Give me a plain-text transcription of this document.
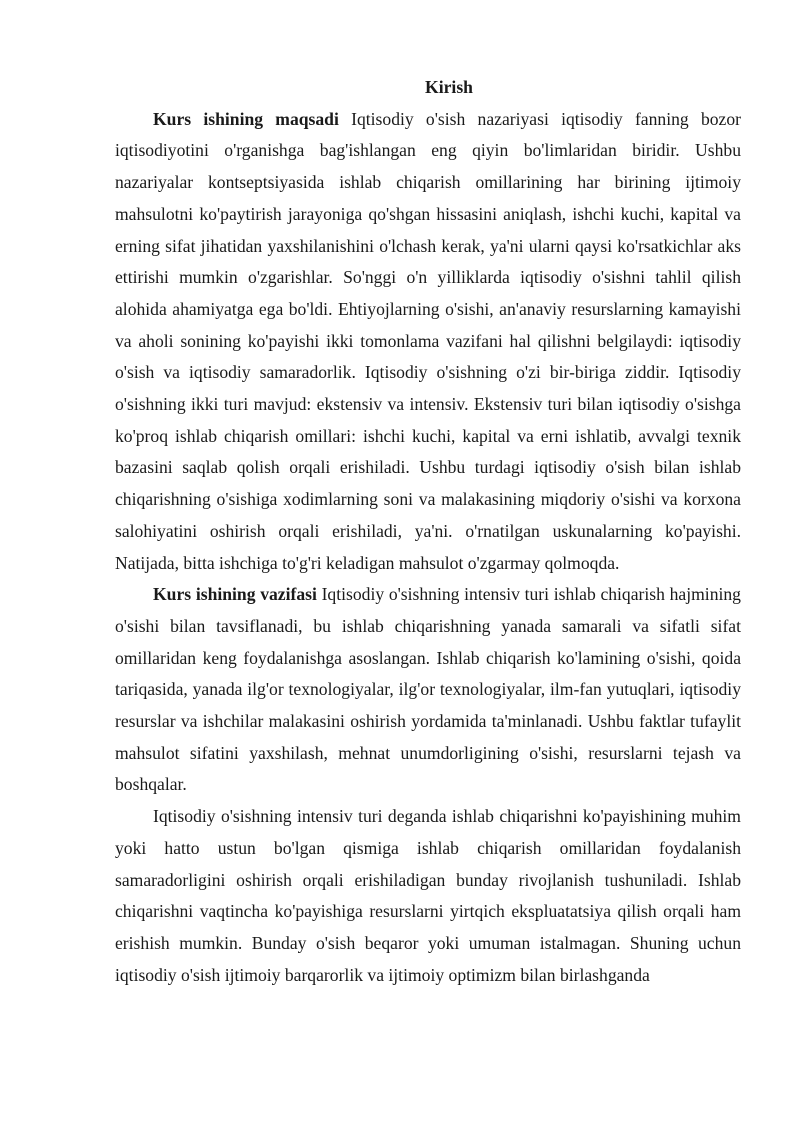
Kirish

Kurs ishining maqsadi Iqtisodiy o'sish nazariyasi iqtisodiy fanning bozor iqtisodiyotini o'rganishga bag'ishlangan eng qiyin bo'limlaridan biridir. Ushbu nazariyalar kontseptsiyasida ishlab chiqarish omillarining har birining ijtimoiy mahsulotni ko'paytirish jarayoniga qo'shgan hissasini aniqlash, ishchi kuchi, kapital va erning sifat jihatidan yaxshilanishini o'lchash kerak, ya'ni ularni qaysi ko'rsatkichlar aks ettirishi mumkin o'zgarishlar. So'nggi o'n yilliklarda iqtisodiy o'sishni tahlil qilish alohida ahamiyatga ega bo'ldi. Ehtiyojlarning o'sishi, an'anaviy resurslarning kamayishi va aholi sonining ko'payishi ikki tomonlama vazifani hal qilishni belgilaydi: iqtisodiy o'sish va iqtisodiy samaradorlik. Iqtisodiy o'sishning o'zi bir-biriga ziddir. Iqtisodiy o'sishning ikki turi mavjud: ekstensiv va intensiv. Ekstensiv turi bilan iqtisodiy o'sishga ko'proq ishlab chiqarish omillari: ishchi kuchi, kapital va erni ishlatib, avvalgi texnik bazasini saqlab qolish orqali erishiladi. Ushbu turdagi iqtisodiy o'sish bilan ishlab chiqarishning o'sishiga xodimlarning soni va malakasining miqdoriy o'sishi va korxona salohiyatini oshirish orqali erishiladi, ya'ni. o'rnatilgan uskunalarning ko'payishi. Natijada, bitta ishchiga to'g'ri keladigan mahsulot o'zgarmay qolmoqda.

Kurs ishining vazifasi Iqtisodiy o'sishning intensiv turi ishlab chiqarish hajmining o'sishi bilan tavsiflanadi, bu ishlab chiqarishning yanada samarali va sifatli sifat omillaridan keng foydalanishga asoslangan. Ishlab chiqarish ko'lamining o'sishi, qoida tariqasida, yanada ilg'or texnologiyalar, ilg'or texnologiyalar, ilm-fan yutuqlari, iqtisodiy resurslar va ishchilar malakasini oshirish yordamida ta'minlanadi. Ushbu faktlar tufaylit mahsulot sifatini yaxshilash, mehnat unumdorligining o'sishi, resurslarni tejash va boshqalar.

Iqtisodiy o'sishning intensiv turi deganda ishlab chiqarishni ko'payishining muhim yoki hatto ustun bo'lgan qismiga ishlab chiqarish omillaridan foydalanish samaradorligini oshirish orqali erishiladigan bunday rivojlanish tushuniladi. Ishlab chiqarishni vaqtincha ko'payishiga resurslarni yirtqich ekspluatatsiya qilish orqali ham erishish mumkin. Bunday o'sish beqaror yoki umuman istalmagan. Shuning uchun iqtisodiy o'sish ijtimoiy barqarorlik va ijtimoiy optimizm bilan birlashganda
